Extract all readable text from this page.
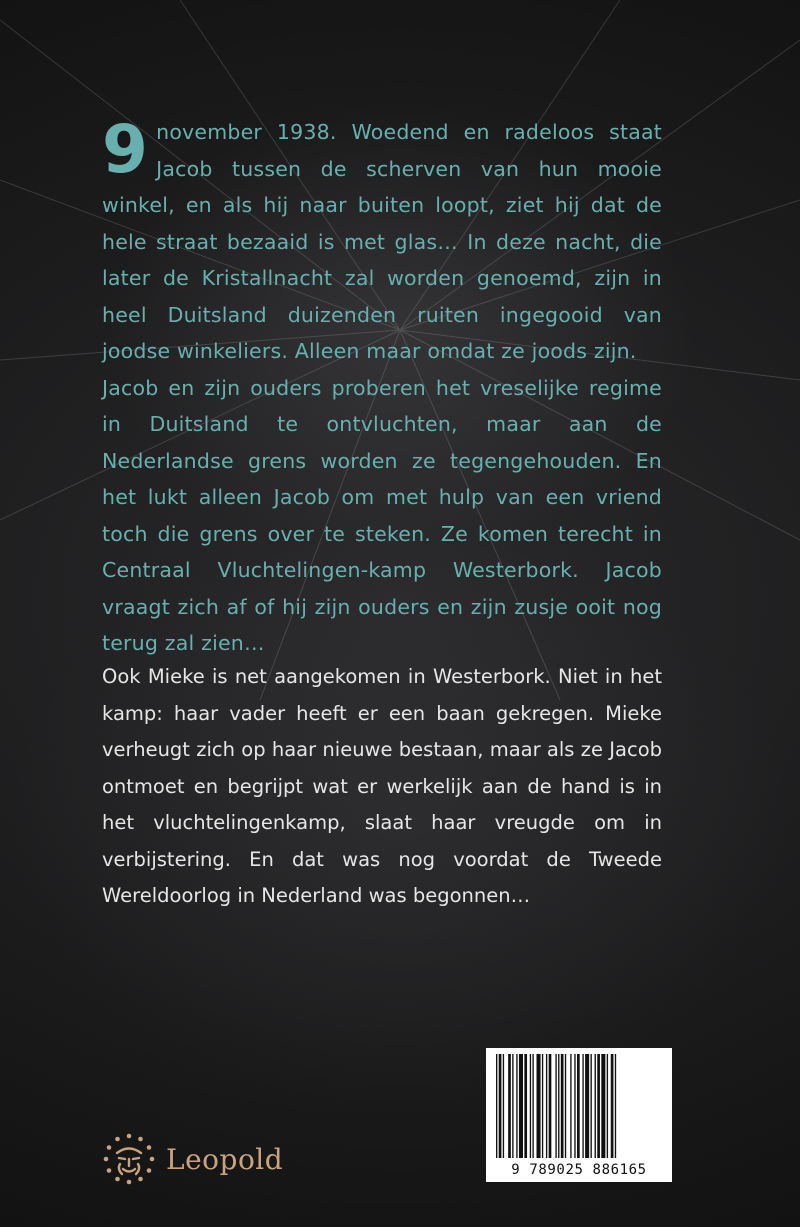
9 november 1938. Woedend en radeloos staat Jacob tussen de scherven van hun mooie winkel, en als hij naar buiten loopt, ziet hij dat de hele straat bezaaid is met glas… In deze nacht, die later de Kristallnacht zal worden genoemd, zijn in heel Duitsland duizenden ruiten ingegooid van joodse winkeliers. Alleen maar omdat ze joods zijn.

Jacob en zijn ouders proberen het vreselijke regime in Duitsland te ontvluchten, maar aan de Nederlandse grens worden ze tegengehouden. En het lukt alleen Jacob om met hulp van een vriend toch die grens over te steken. Ze komen terecht in Centraal Vluchtelingen-kamp Westerbork. Jacob vraagt zich af of hij zijn ouders en zijn zusje ooit nog terug zal zien…

Ook Mieke is net aangekomen in Westerbork. Niet in het kamp: haar vader heeft er een baan gekregen. Mieke verheugt zich op haar nieuwe bestaan, maar als ze Jacob ontmoet en begrijpt wat er werkelijk aan de hand is in het vluchtelingenkamp, slaat haar vreugde om in verbijstering. En dat was nog voordat de Tweede Wereldoorlog in Nederland was begonnen…

9 789025 886165
Leopold
